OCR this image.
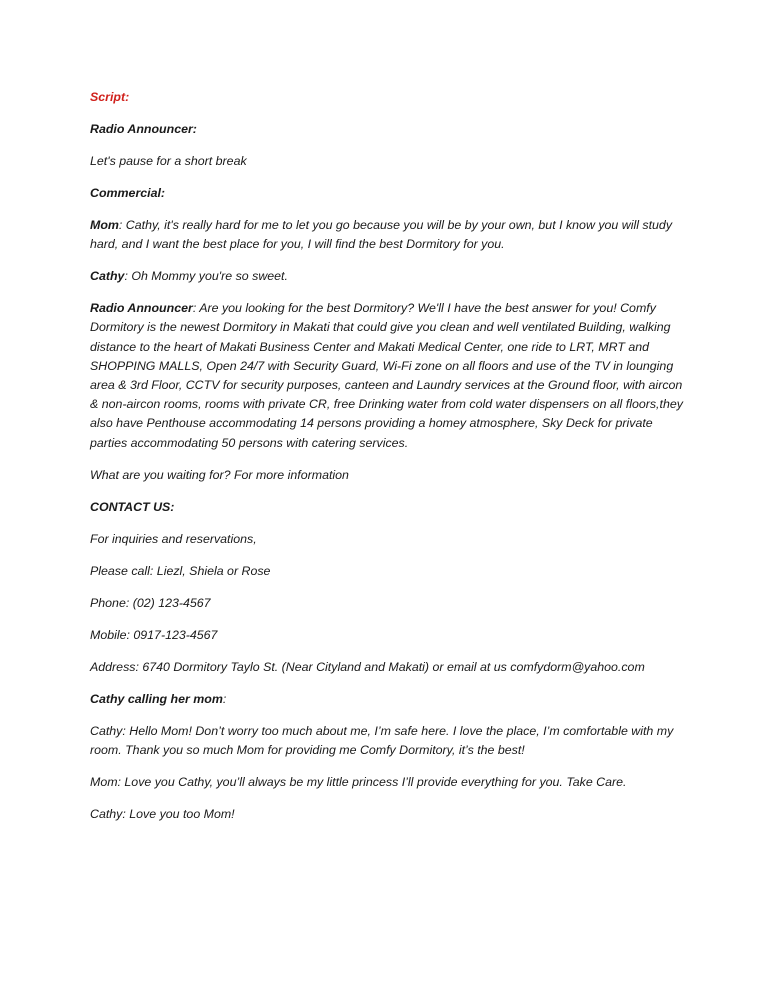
Script:

Radio Announcer:

Let's pause for a short break

Commercial:

Mom: Cathy, it's really hard for me to let you go because you will be by your own, but I know you will study hard, and I want the best place for you, I will find the best Dormitory for you.

Cathy: Oh Mommy you're so sweet.

Radio Announcer: Are you looking for the best Dormitory? We'll I have the best answer for you! Comfy Dormitory is the newest Dormitory in Makati that could give you clean and well ventilated Building, walking distance to the heart of Makati Business Center and Makati Medical Center, one ride to LRT, MRT and SHOPPING MALLS, Open 24/7 with Security Guard, Wi-Fi zone on all floors and use of the TV in lounging area & 3rd Floor, CCTV for security purposes, canteen and Laundry services at the Ground floor, with aircon & non-aircon rooms, rooms with private CR, free Drinking water from cold water dispensers on all floors,they also have Penthouse accommodating 14 persons providing a homey atmosphere, Sky Deck for private parties accommodating 50 persons with catering services.

What are you waiting for? For more information

CONTACT US:

For inquiries and reservations,

Please call: Liezl, Shiela or Rose

Phone: (02) 123-4567

Mobile: 0917-123-4567

Address: 6740 Dormitory Taylo St. (Near Cityland and Makati) or email at us comfydorm@yahoo.com

Cathy calling her mom:

Cathy: Hello Mom! Don’t worry too much about me, I’m safe here. I love the place, I’m comfortable with my room. Thank you so much Mom for providing me Comfy Dormitory, it’s the best!

Mom: Love you Cathy, you’ll always be my little princess I’ll provide everything for you. Take Care.

Cathy: Love you too Mom!
